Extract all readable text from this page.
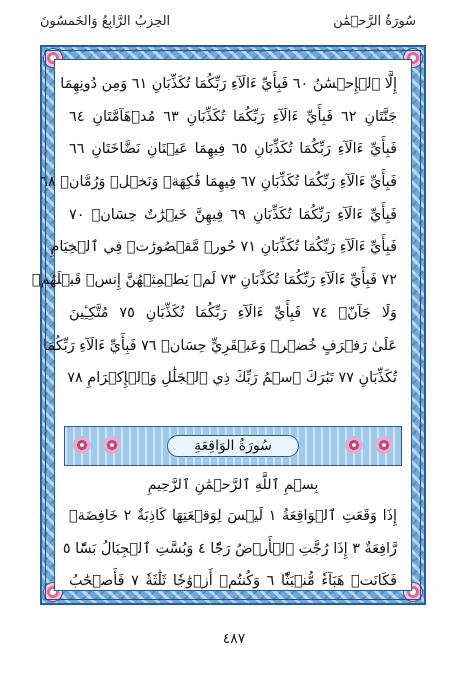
سُورَةُ الرَّحۡمَٰن
الحِزبُ الرَّابِعُ وَالخَمسُونَ
إِلَّا ٱلۡإِحۡسَٰنُ ٦٠ فَبِأَيِّ ءَالَآءِ رَبِّكُمَا تُكَذِّبَانِ ٦١ وَمِن دُونِهِمَا
جَنَّتَانِ ٦٢ فَبِأَيِّ ءَالَآءِ رَبِّكُمَا تُكَذِّبَانِ ٦٣ مُدۡهَآمَّتَانِ ٦٤
فَبِأَيِّ ءَالَآءِ رَبِّكُمَا تُكَذِّبَانِ ٦٥ فِيهِمَا عَيۡنَانِ نَضَّاخَتَانِ ٦٦
فَبِأَيِّ ءَالَآءِ رَبِّكُمَا تُكَذِّبَانِ ٦٧ فِيهِمَا فَٰكِهَةٞ وَنَخۡلٞ وَرُمَّانٞ ٦٨
فَبِأَيِّ ءَالَآءِ رَبِّكُمَا تُكَذِّبَانِ ٦٩ فِيهِنَّ خَيۡرَٰتٌ حِسَانٞ ٧٠
فَبِأَيِّ ءَالَآءِ رَبِّكُمَا تُكَذِّبَانِ ٧١ حُورٞ مَّقۡصُورَٰتٞ فِي ٱلۡخِيَامِ
٧٢ فَبِأَيِّ ءَالَآءِ رَبِّكُمَا تُكَذِّبَانِ ٧٣ لَمۡ يَطۡمِثۡهُنَّ إِنسٞ قَبۡلَهُمۡ
وَلَا جَآنّٞ ٧٤ فَبِأَيِّ ءَالَآءِ رَبِّكُمَا تُكَذِّبَانِ ٧٥ مُتَّكِـِٔينَ
عَلَىٰ رَفۡرَفٍ خُضۡرٖ وَعَبۡقَرِيٍّ حِسَانٖ ٧٦ فَبِأَيِّ ءَالَآءِ رَبِّكُمَا
تُكَذِّبَانِ ٧٧ تَبَٰرَكَ ٱسۡمُ رَبِّكَ ذِي ٱلۡجَلَٰلِ وَٱلۡإِكۡرَامِ ٧٨
سُورَةُ الوَاقِعَةِ
بِسۡمِ ٱللَّهِ ٱلرَّحۡمَٰنِ ٱلرَّحِيمِ
إِذَا وَقَعَتِ ٱلۡوَاقِعَةُ ١ لَيۡسَ لِوَقۡعَتِهَا كَاذِبَةٌ ٢ خَافِضَةٞ
رَّافِعَةٌ ٣ إِذَا رُجَّتِ ٱلۡأَرۡضُ رَجّٗا ٤ وَبُسَّتِ ٱلۡجِبَالُ بَسّٗا ٥
فَكَانَتۡ هَبَآءٗ مُّنۢبَثّٗا ٦ وَكُنتُمۡ أَزۡوَٰجٗا ثَلَٰثَةٗ ٧ فَأَصۡحَٰبُ
٤٨٧
